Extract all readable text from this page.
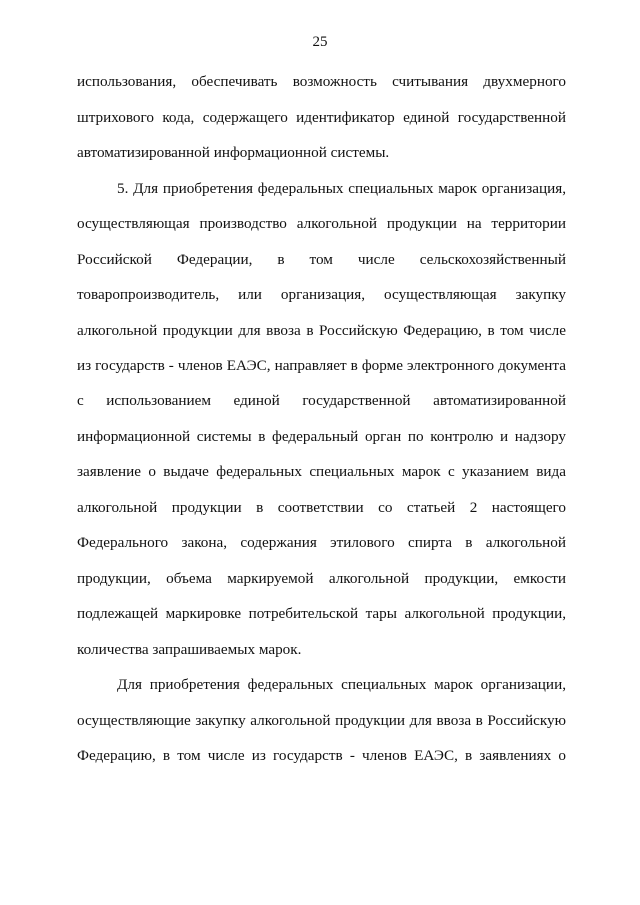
25
использования, обеспечивать возможность считывания двухмерного
штрихового кода, содержащего идентификатор единой государственной
автоматизированной информационной системы.
5. Для приобретения федеральных специальных марок организация,
осуществляющая производство алкогольной продукции на территории
Российской Федерации, в том числе сельскохозяйственный
товаропроизводитель, или организация, осуществляющая закупку
алкогольной продукции для ввоза в Российскую Федерацию, в том числе
из государств - членов ЕАЭС, направляет в форме электронного документа
с использованием единой государственной автоматизированной
информационной системы в федеральный орган по контролю и надзору
заявление о выдаче федеральных специальных марок с указанием вида
алкогольной продукции в соответствии со статьей 2 настоящего
Федерального закона, содержания этилового спирта в алкогольной
продукции, объема маркируемой алкогольной продукции, емкости
подлежащей маркировке потребительской тары алкогольной продукции,
количества запрашиваемых марок.
Для приобретения федеральных специальных марок организации,
осуществляющие закупку алкогольной продукции для ввоза в Российскую
Федерацию, в том числе из государств - членов ЕАЭС, в заявлениях о
